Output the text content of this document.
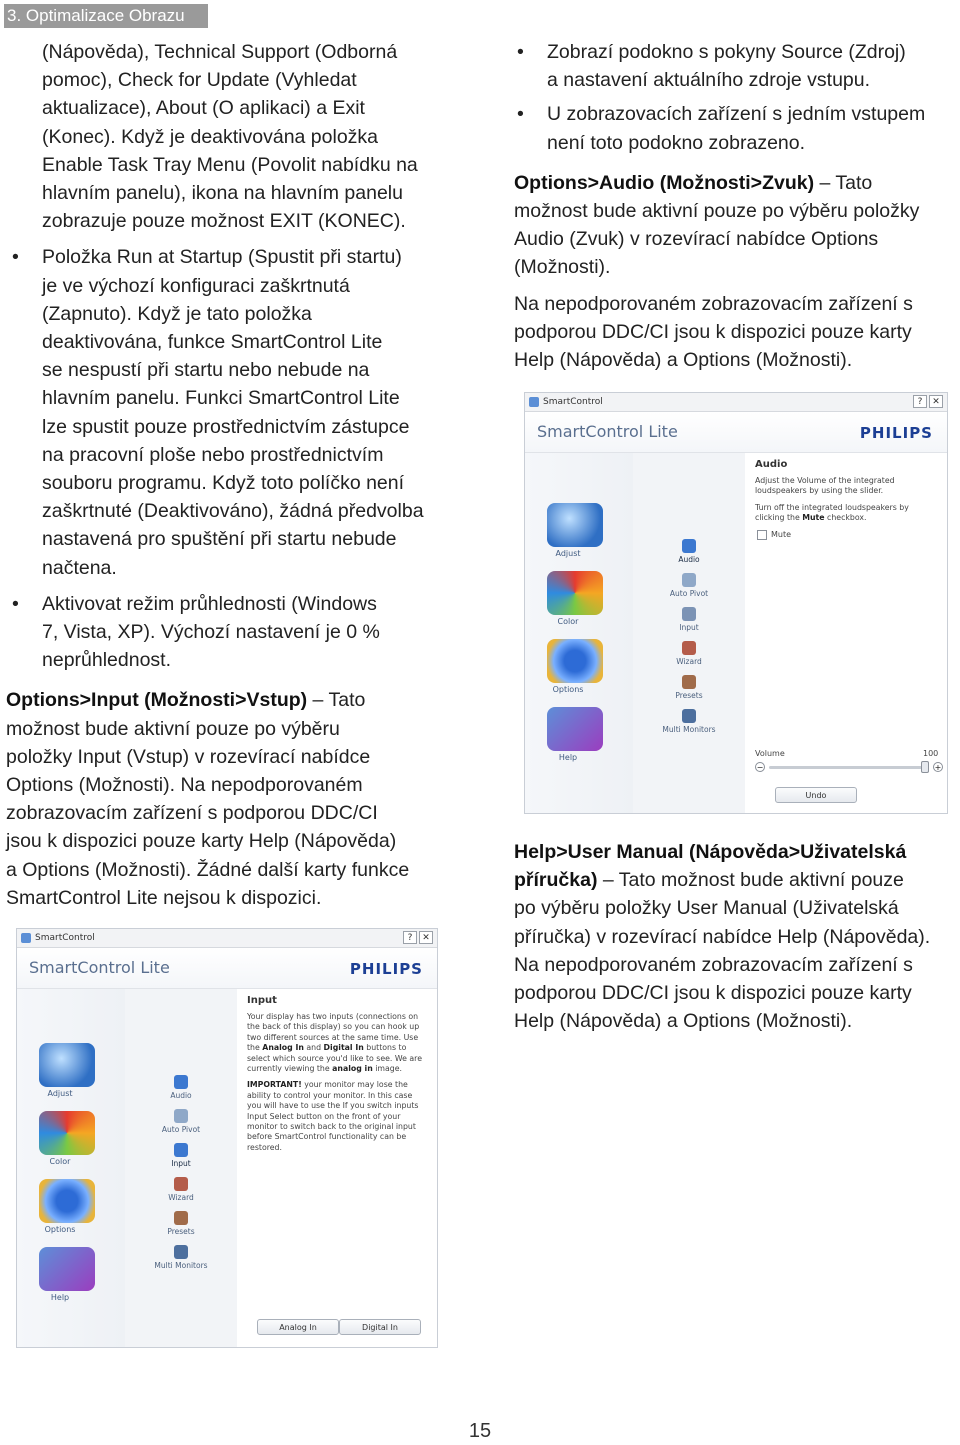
3. Optimalizace Obrazu
(Nápověda), Technical Support (Odborná
pomoc), Check for Update (Vyhledat
aktualizace), About (O aplikaci) a Exit
(Konec). Když je deaktivována položka
Enable Task Tray Menu (Povolit nabídku na
hlavním panelu), ikona na hlavním panelu
zobrazuje pouze možnost EXIT (KONEC).
• Položka Run at Startup (Spustit při startu)
je ve výchozí konfiguraci zaškrtnutá
(Zapnuto). Když je tato položka
deaktivována, funkce SmartControl Lite
se nespustí při startu nebo nebude na
hlavním panelu. Funkci SmartControl Lite
lze spustit pouze prostřednictvím zástupce
na pracovní ploše nebo prostřednictvím
souboru programu. Když toto políčko není
zaškrtnuté (Deaktivováno), žádná předvolba
nastavená pro spuštění při startu nebude
načtena.
• Aktivovat režim průhlednosti (Windows
7, Vista, XP). Výchozí nastavení je 0 %
neprůhlednost.
Options>Input (Možnosti>Vstup) – Tato
možnost bude aktivní pouze po výběru
položky Input (Vstup) v rozevírací nabídce
Options (Možnosti). Na nepodporovaném
zobrazovacím zařízení s podporou DDC/CI
jsou k dispozici pouze karty Help (Nápověda)
a Options (Možnosti). Žádné další karty funkce
SmartControl Lite nejsou k dispozici.
• Zobrazí podokno s pokyny Source (Zdroj)
a nastavení aktuálního zdroje vstupu.
• U zobrazovacích zařízení s jedním vstupem
není toto podokno zobrazeno.
Options>Audio (Možnosti>Zvuk) – Tato
možnost bude aktivní pouze po výběru položky
Audio (Zvuk) v rozevírací nabídce Options
(Možnosti).
Na nepodporovaném zobrazovacím zařízení s
podporou DDC/CI jsou k dispozici pouze karty
Help (Nápověda) a Options (Možnosti).
Help>User Manual (Nápověda>Uživatelská
příručka) – Tato možnost bude aktivní pouze
po výběru položky User Manual (Uživatelská
příručka) v rozevírací nabídce Help (Nápověda).
Na nepodporovaném zobrazovacím zařízení s
podporou DDC/CI jsou k dispozici pouze karty
Help (Nápověda) a Options (Možnosti).
SmartControl	?	✕
SmartControl Lite	PHILIPS
Adjust
Color
Options
Help
Audio
Auto Pivot
Input
Wizard
Presets
Multi Monitors
Audio
Adjust the Volume of the integrated loudspeakers by using the slider.
Turn off the integrated loudspeakers by clicking the Mute checkbox.
Mute
Volume	100
−	+
Undo
SmartControl	?	✕
SmartControl Lite	PHILIPS
Adjust
Color
Options
Help
Audio
Auto Pivot
Input
Wizard
Presets
Multi Monitors
Input
Your display has two inputs (connections on the back of this display) so you can hook up two different sources at the same time. Use the Analog In and Digital In buttons to select which source you'd like to see. We are currently viewing the analog in image.
IMPORTANT! your monitor may lose the ability to control your monitor. In this case you will have to use the If you switch inputs Input Select button on the front of your monitor to switch back to the original input before SmartControl functionality can be restored.
Analog In	Digital In
15
